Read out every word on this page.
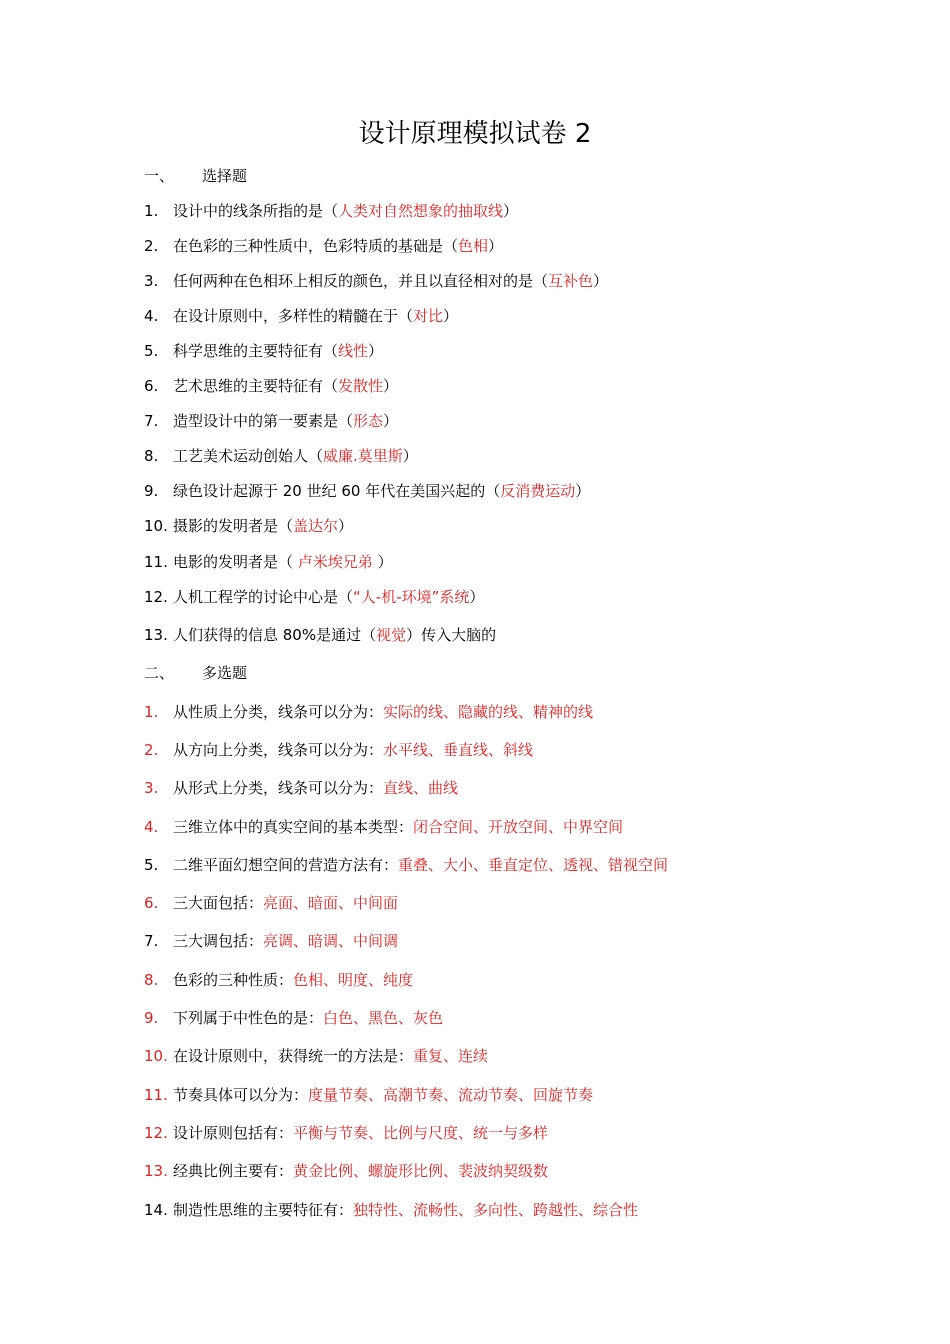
设计原理模拟试卷 2
一、 选择题
1. 设计中的线条所指的是（人类对自然想象的抽取线）
2. 在色彩的三种性质中，色彩特质的基础是（色相）
3. 任何两种在色相环上相反的颜色，并且以直径相对的是（互补色）
4. 在设计原则中，多样性的精髓在于（对比）
5. 科学思维的主要特征有（线性）
6. 艺术思维的主要特征有（发散性）
7. 造型设计中的第一要素是（形态）
8. 工艺美术运动创始人（威廉.莫里斯）
9. 绿色设计起源于 20 世纪 60 年代在美国兴起的（反消费运动）
10. 摄影的发明者是（盖达尔）
11. 电影的发明者是（ 卢米埃兄弟 ）
12. 人机工程学的讨论中心是（“人-机-环境”系统）
13. 人们获得的信息 80%是通过（视觉）传入大脑的
二、 多选题
1. 从性质上分类，线条可以分为：实际的线、隐藏的线、精神的线
2. 从方向上分类，线条可以分为：水平线、垂直线、斜线
3. 从形式上分类，线条可以分为：直线、曲线
4. 三维立体中的真实空间的基本类型：闭合空间、开放空间、中界空间
5. 二维平面幻想空间的营造方法有：重叠、大小、垂直定位、透视、错视空间
6. 三大面包括：亮面、暗面、中间面
7. 三大调包括：亮调、暗调、中间调
8. 色彩的三种性质：色相、明度、纯度
9. 下列属于中性色的是：白色、黑色、灰色
10. 在设计原则中，获得统一的方法是：重复、连续
11. 节奏具体可以分为：度量节奏、高潮节奏、流动节奏、回旋节奏
12. 设计原则包括有：平衡与节奏、比例与尺度、统一与多样
13. 经典比例主要有：黄金比例、螺旋形比例、裴波纳契级数
14. 制造性思维的主要特征有：独特性、流畅性、多向性、跨越性、综合性
